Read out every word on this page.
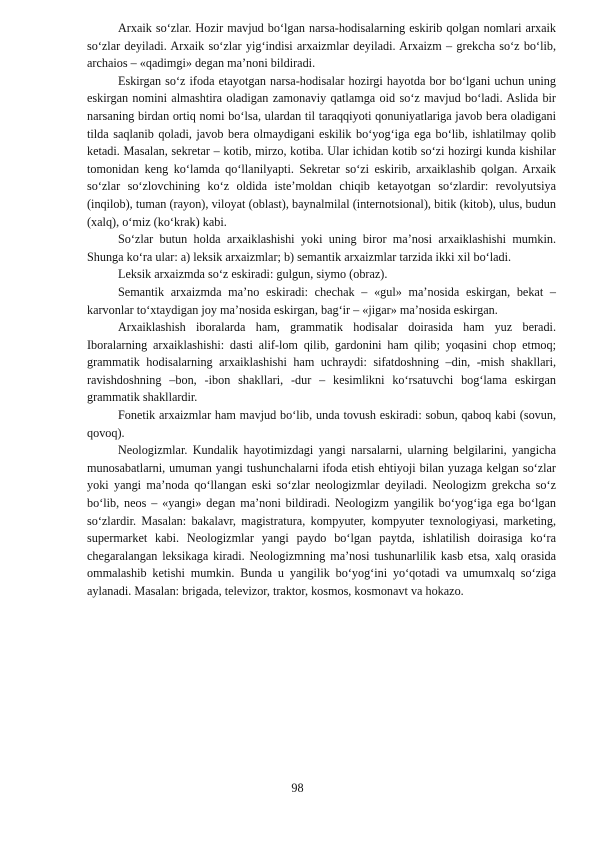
Arxaik so‘zlar. Hozir mavjud bo‘lgan narsa-hodisalarning eskirib qolgan nomlari arxaik so‘zlar deyiladi. Arxaik so‘zlar yig‘indisi arxaizmlar deyiladi. Arxaizm – grekcha so‘z bo‘lib, archaios – «qadimgi» degan ma’noni bildiradi.

Eskirgan so‘z ifoda etayotgan narsa-hodisalar hozirgi hayotda bor bo‘lgani uchun uning eskirgan nomini almashtira oladigan zamonaviy qatlamga oid so‘z mavjud bo‘ladi. Aslida bir narsaning birdan ortiq nomi bo‘lsa, ulardan til taraqqiyoti qonuniyatlariga javob bera oladigani tilda saqlanib qoladi, javob bera olmaydigani eskilik bo‘yog‘iga ega bo‘lib, ishlatilmay qolib ketadi. Masalan, sekretar – kotib, mirzo, kotiba. Ular ichidan kotib so‘zi hozirgi kunda kishilar tomonidan keng ko‘lamda qo‘llanilyapti. Sekretar so‘zi eskirib, arxaiklashib qolgan. Arxaik so‘zlar so‘zlovchining ko‘z oldida iste’moldan chiqib ketayotgan so‘zlardir: revolyutsiya (inqilob), tuman (rayon), viloyat (oblast), baynalmilal (internotsional), bitik (kitob), ulus, budun (xalq), o‘miz (ko‘krak) kabi.

So‘zlar butun holda arxaiklashishi yoki uning biror ma’nosi arxaiklashishi mumkin. Shunga ko‘ra ular: a) leksik arxaizmlar; b) semantik arxaizmlar tarzida ikki xil bo‘ladi.

Leksik arxaizmda so‘z eskiradi: gulgun, siymo (obraz).

Semantik arxaizmda ma’no eskiradi: chechak – «gul» ma’nosida eskirgan, bekat – karvonlar to‘xtaydigan joy ma’nosida eskirgan, bag‘ir – «jigar» ma’nosida eskirgan.

Arxaiklashish iboralarda ham, grammatik hodisalar doirasida ham yuz beradi. Iboralarning arxaiklashishi: dasti alif-lom qilib, gardonini ham qilib; yoqasini chop etmoq; grammatik hodisalarning arxaiklashishi ham uchraydi: sifatdoshning –din, -mish shakllari, ravishdoshning –bon, -ibon shakllari, -dur – kesimlikni ko‘rsatuvchi bog‘lama eskirgan grammatik shakllardir.

Fonetik arxaizmlar ham mavjud bo‘lib, unda tovush eskiradi: sobun, qaboq kabi (sovun, qovoq).

Neologizmlar. Kundalik hayotimizdagi yangi narsalarni, ularning belgilarini, yangicha munosabatlarni, umuman yangi tushunchalarni ifoda etish ehtiyoji bilan yuzaga kelgan so‘zlar yoki yangi ma’noda qo‘llangan eski so‘zlar neologizmlar deyiladi. Neologizm grekcha so‘z bo‘lib, neos – «yangi» degan ma’noni bildiradi. Neologizm yangilik bo‘yog‘iga ega bo‘lgan so‘zlardir. Masalan: bakalavr, magistratura, kompyuter, kompyuter texnologiyasi, marketing, supermarket kabi. Neologizmlar yangi paydo bo‘lgan paytda, ishlatilish doirasiga ko‘ra chegaralangan leksikaga kiradi. Neologizmning ma’nosi tushunarlilik kasb etsa, xalq orasida ommalashib ketishi mumkin. Bunda u yangilik bo‘yog‘ini yo‘qotadi va umumxalq so‘ziga aylanadi. Masalan: brigada, televizor, traktor, kosmos, kosmonavt va hokazo.

98
